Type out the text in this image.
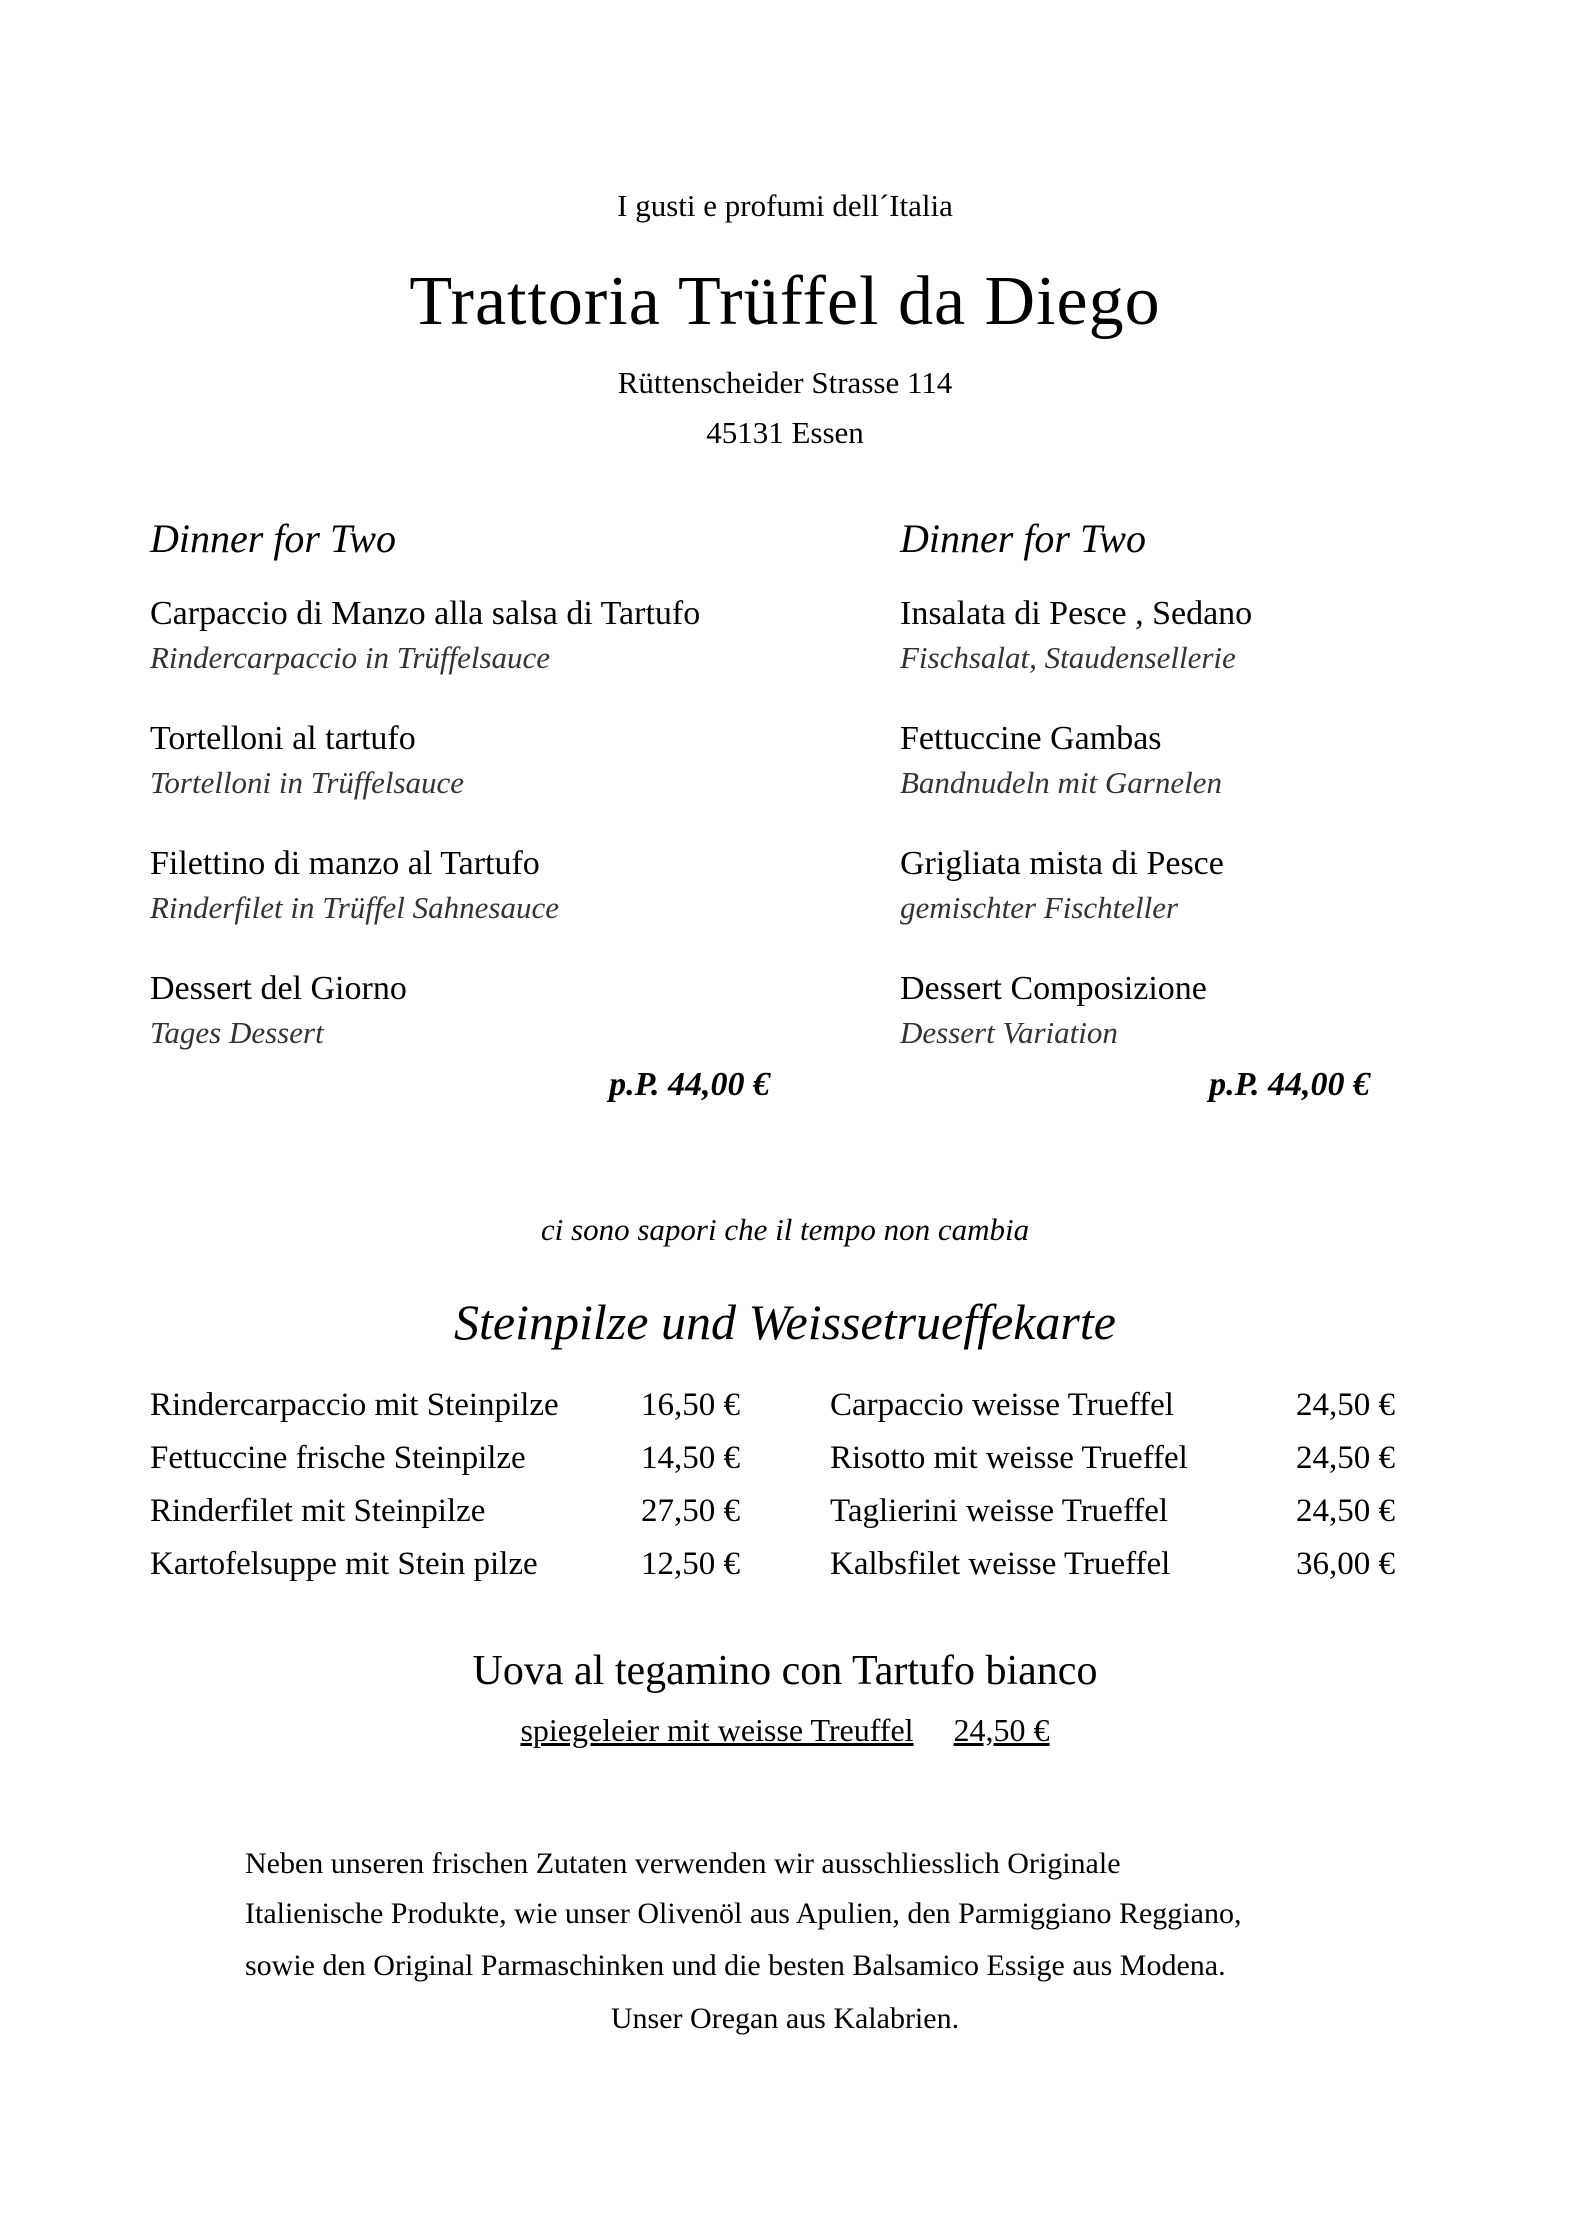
I gusti e profumi dell´Italia
Trattoria Trüffel da Diego
Rüttenscheider Strasse 114
45131 Essen
Dinner for Two
Carpaccio di Manzo alla salsa di Tartufo
Rindercarpaccio in Trüffelsauce
Tortelloni al tartufo
Tortelloni in Trüffelsauce
Filettino di manzo al Tartufo
Rinderfilet in Trüffel Sahnesauce
Dessert del Giorno
Tages Dessert
p.P. 44,00 €
Dinner for Two
Insalata di Pesce , Sedano
Fischsalat, Staudensellerie
Fettuccine Gambas
Bandnudeln mit Garnelen
Grigliata mista di Pesce
gemischter Fischteller
Dessert Composizione
Dessert Variation
p.P. 44,00 €
ci sono sapori che il tempo non cambia
Steinpilze und Weissetrueffekarte
Rindercarpaccio mit Steinpilze 16,50 €
Fettuccine frische Steinpilze	14,50 €
Rinderfilet mit Steinpilze	27,50 €
Kartofelsuppe mit Stein pilze	12,50 €
Carpaccio weisse Trueffel	24,50 €
Risotto mit weisse Trueffel	24,50 €
Taglierini weisse Trueffel	24,50 €
Kalbsfilet weisse Trueffel	36,00 €
Uova al tegamino con Tartufo bianco
spiegeleier mit weisse Treuffel 24,50 €
Neben unseren frischen Zutaten verwenden wir ausschliesslich Originale
Italienische Produkte, wie unser Olivenöl aus Apulien, den Parmiggiano Reggiano,
sowie den Original Parmaschinken und die besten Balsamico Essige aus Modena.
Unser Oregan aus Kalabrien.
